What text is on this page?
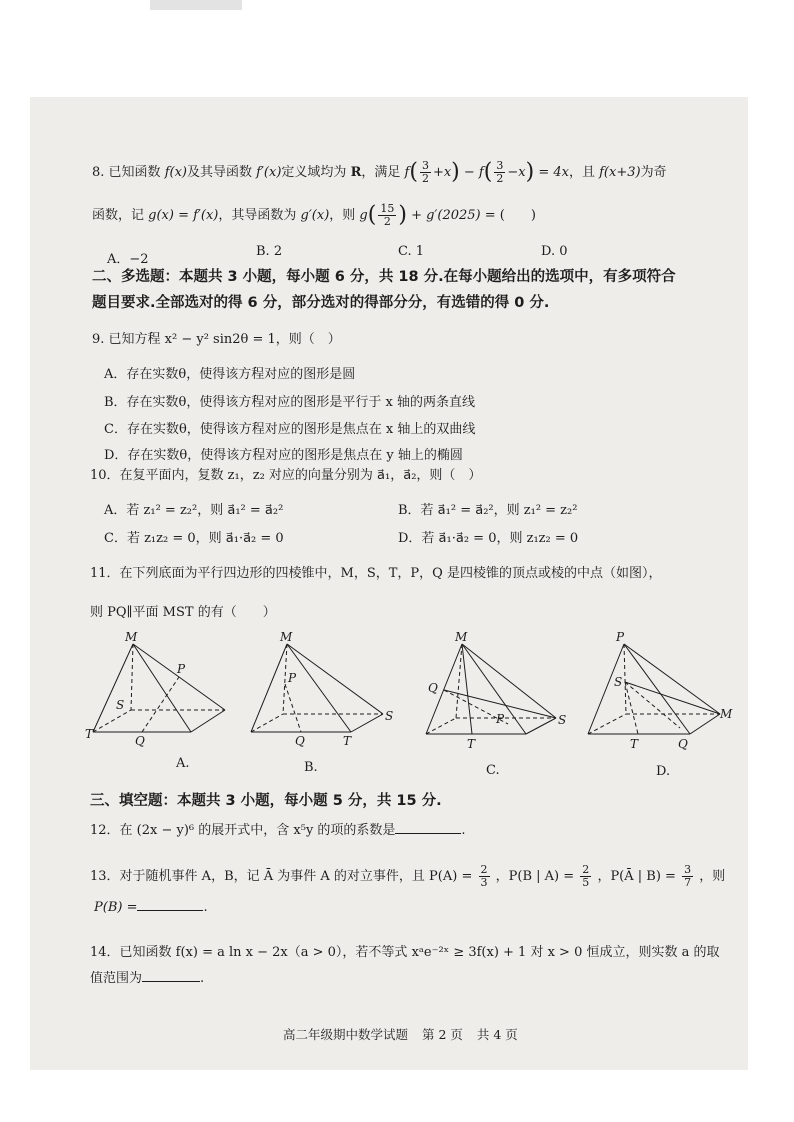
8. 已知函数 f(x)及其导函数 f′(x)定义域均为 R，满足 $f( \frac{3}{2} +x) - f( \frac{3}{2} -x) = 4x$，且 f(x+3)为奇
函数，记 g(x) = f′(x)，其导函数为 g′(x)，则 $g( \frac{15}{2}$ ) + g′(2025) = (　　)
A．−2
B. 2	C. 1	D. 0
二、多选题：本题共 3 小题，每小题 6 分，共 18 分.在每小题给出的选项中，有多项符合
题目要求.全部选对的得 6 分，部分选对的得部分分，有选错的得 0 分.
9. 已知方程 x² − y² sin2θ = 1，则（　）
A．存在实数θ，使得该方程对应的图形是圆
B．存在实数θ，使得该方程对应的图形是平行于 x 轴的两条直线
C．存在实数θ，使得该方程对应的图形是焦点在 x 轴上的双曲线
D．存在实数θ，使得该方程对应的图形是焦点在 y 轴上的椭圆
10．在复平面内，复数 z₁，z₂ 对应的向量分别为 a⃗₁，a⃗₂，则（　）
A．若 z₁² = z₂²，则 a⃗₁² = a⃗₂²	B．若 a⃗₁² = a⃗₂²，则 z₁² = z₂²
C．若 z₁z₂ = 0，则 a⃗₁·a⃗₂ = 0	D．若 a⃗₁·a⃗₂ = 0，则 z₁z₂ = 0
11．在下列底面为平行四边形的四棱锥中，M，S，T，P，Q 是四棱锥的顶点或棱的中点（如图），
则 PQ∥平面 MST 的有（　　）
M
P
S
T	Q
A.
M
P
S
Q	T
B.
M
Q
P	S
T
C.
P
S
M
T	Q
D.
三、填空题：本题共 3 小题，每小题 5 分，共 15 分.
12．在 (2x − y)⁶ 的展开式中，含 x⁵y 的项的系数是	.
13．对于随机事件 A，B，记 Ā 为事件 A 的对立事件，且 $P(A) = \frac{2}{3}$ ，P(B | $A) = \frac{2}{5}$ ，P(Ā | $B) = \frac{3}{7}$ ，则
P(B) =	.
14．已知函数 f(x) = a ln x − 2x（a > 0），若不等式 xᵃe⁻²ˣ ≥ 3f(x) + 1 对 x > 0 恒成立，则实数 a 的取
值范围为	.
高二年级期中数学试题 第 2 页 共 4 页
